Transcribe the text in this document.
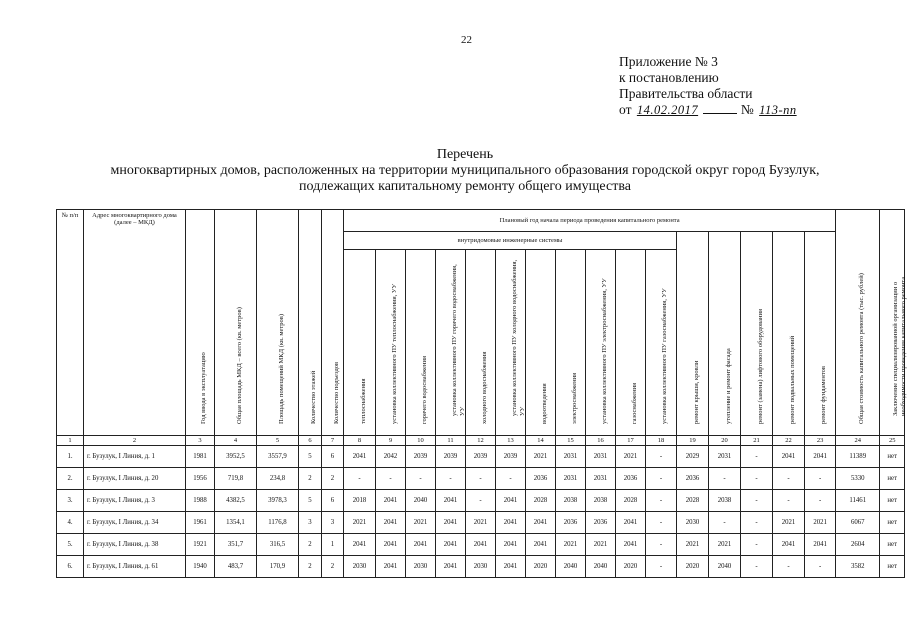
22
Приложение № 3
к постановлению
Правительства области
от 14.02.2017	№ 113-пп
Перечень
многоквартирных домов, расположенных на территории муниципального образования городской округ город Бузулук,
подлежащих капитальному ремонту общего имущества
№ п/п	Адрес многоквартирного дома (далее – МКД)	Год ввода в эксплуатацию	Общая площадь МКД – всего (кв. метров)	Площадь помещений МКД (кв. метров)	Количество этажей	Количество подъездов	Плановый год начала периода проведения капитального ремонта																Общая стоимость капитального ремонта (тыс. рублей)	Заключение специализированной организации о необходимости проведения капитального ремонта

							внутридомовые инженерные системы											ремонт крыши, кровли	утепление и ремонт фасада	ремонт (замена) лифтового оборудования	ремонт подвальных помещений	ремонт фундаментов		

							теплоснабжения	установка коллективного ПУ теплоснабжения, УУ	горячего водоснабжения	установка коллективного ПУ горячего водоснабжения, УУ	холодного водоснабжения	установка коллективного ПУ холодного водоснабжения, УУ	водоотведения	электроснабжения	установка коллективного ПУ электроснабжения, УУ	газоснабжения	установка коллективного ПУ газоснабжения, УУ							

1	2	3	4	5	6	7	8	9	10	11	12	13	14	15	16	17	18	19	20	21	22	23	24	25
1.	г. Бузулук, I Линия, д. 1	1981	3952,5	3557,9	5	6	2041	2042	2039	2039	2039	2039	2021	2031	2031	2021	-	2029	2031	-	2041	2041	11389	нет
2.	г. Бузулук, I Линия, д. 20	1956	719,8	234,8	2	2	-	-	-	-	-	-	2036	2031	2031	2036	-	2036	-	-	-	-	5330	нет
3.	г. Бузулук, I Линия, д. 3	1988	4382,5	3978,3	5	6	2018	2041	2040	2041	-	2041	2028	2038	2038	2028	-	2028	2038	-	-	-	11461	нет
4.	г. Бузулук, I Линия, д. 34	1961	1354,1	1176,8	3	3	2021	2041	2021	2041	2021	2041	2041	2036	2036	2041	-	2030	-	-	2021	2021	6067	нет
5.	г. Бузулук, I Линия, д. 38	1921	351,7	316,5	2	1	2041	2041	2041	2041	2041	2041	2041	2021	2021	2041	-	2021	2021	-	2041	2041	2604	нет
6.	г. Бузулук, I Линия, д. 61	1940	483,7	170,9	2	2	2030	2041	2030	2041	2030	2041	2020	2040	2040	2020	-	2020	2040	-	-	-	3582	нет
